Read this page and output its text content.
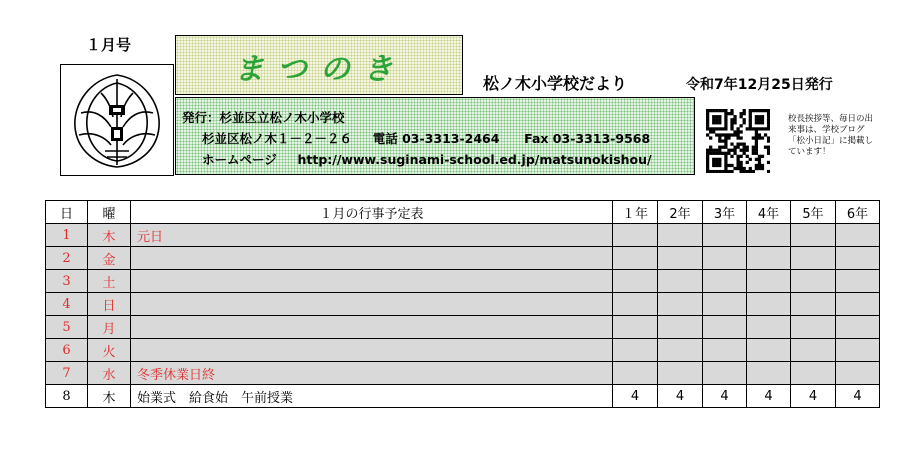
１月号
まつのき	松ノ木小学校だより	令和7年12月25日発行
発行：杉並区立松ノ木小学校
杉並区松ノ木１－２－２６ 電話 03-3313-2464 Fax 03-3313-9568
ホームページ http://www.suginami-school.ed.jp/matsunokishou/
校長挨拶等、毎日の出来事は、学校ブログ「松小日記」に掲載しています！
日	曜	１月の行事予定表	１年	2年	3年	4年	5年	6年
1	木	元日						
2	金							
3	土							
4	日							
5	月							
6	火							
7	水	冬季休業日終						
8	木	始業式　給食始　午前授業	4	4	4	4	4	4
